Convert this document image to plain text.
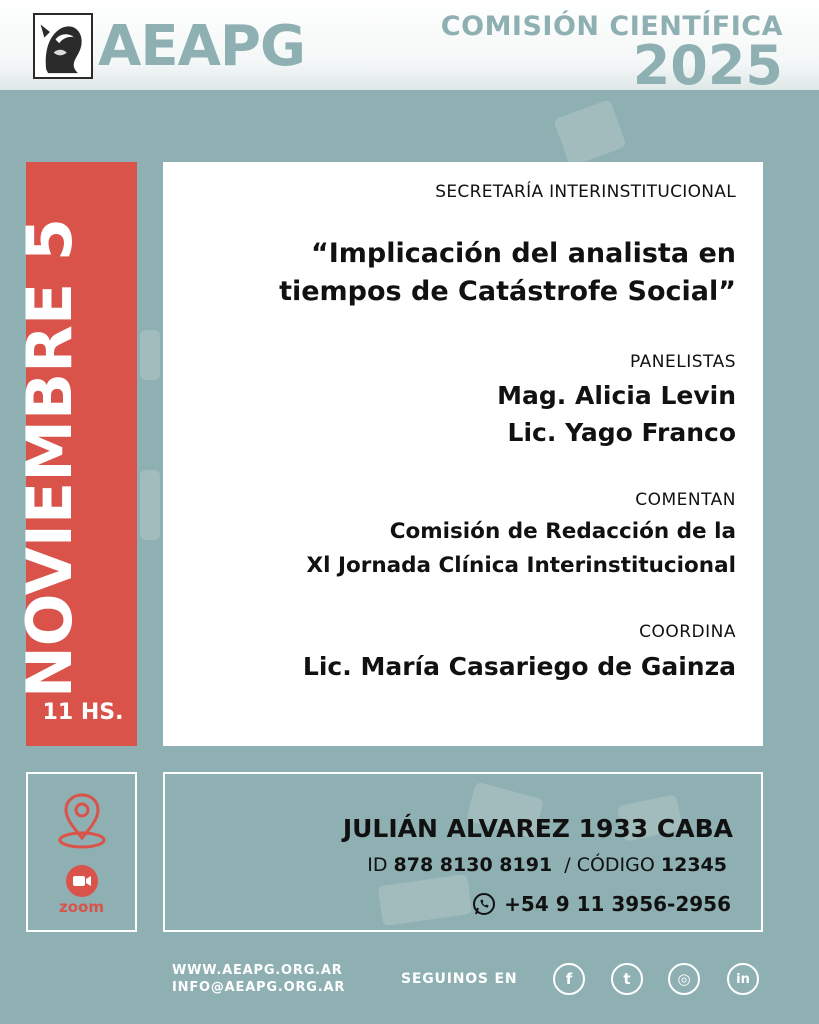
AEAPG	COMISIÓN CIENTÍFICA
2025
NOVIEMBRE 5
11 HS.
SECRETARÍA INTERINSTITUCIONAL
“Implicación del analista en
tiempos de Catástrofe Social”
PANELISTAS
Mag. Alicia Levin
Lic. Yago Franco
COMENTAN
Comisión de Redacción de la
Xl Jornada Clínica Interinstitucional
COORDINA
Lic. María Casariego de Gainza
zoom
JULIÁN ALVAREZ 1933 CABA
ID 878 8130 8191 / CÓDIGO 12345
+54 9 11 3956-2956
WWW.AEAPG.ORG.AR
INFO@AEAPG.ORG.AR
SEGUINOS EN	f	t	◎	in
